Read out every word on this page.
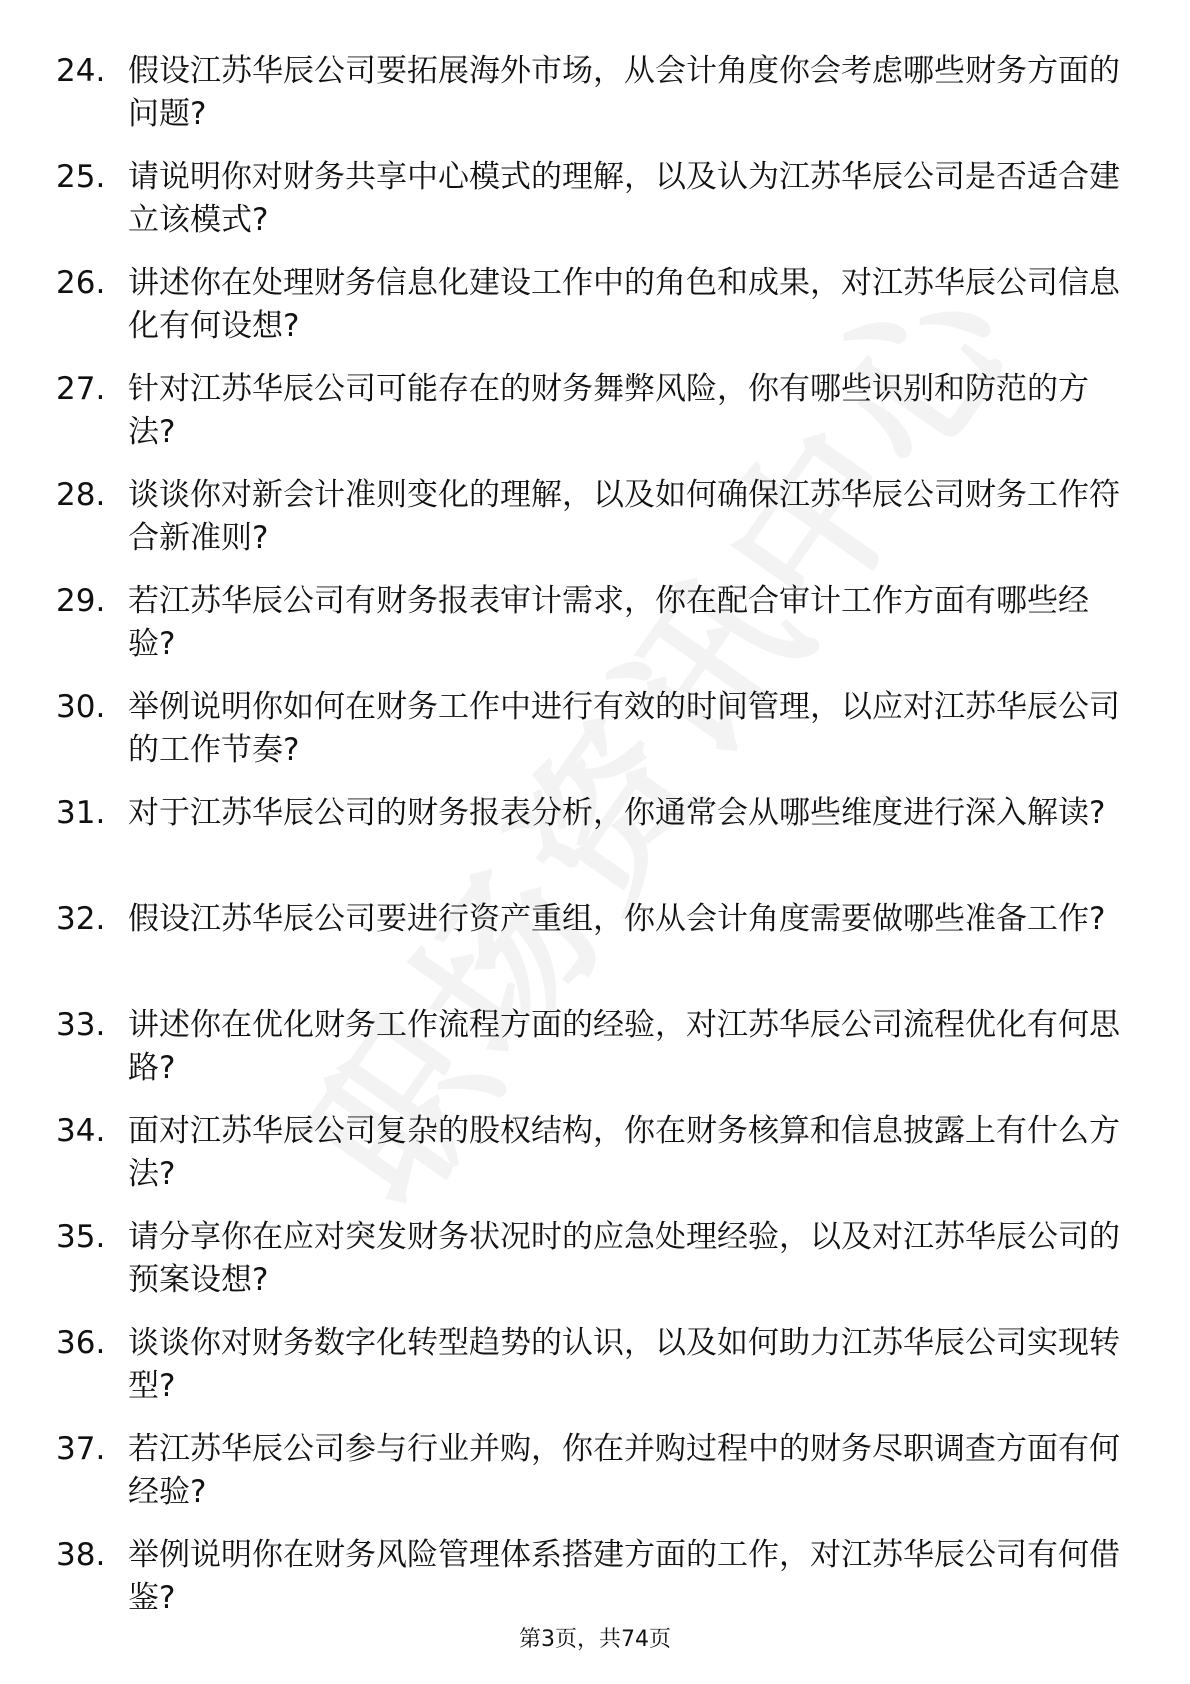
24. 假设江苏华辰公司要拓展海外市场，从会计角度你会考虑哪些财务方面的问题?
25. 请说明你对财务共享中心模式的理解，以及认为江苏华辰公司是否适合建立该模式?
26. 讲述你在处理财务信息化建设工作中的角色和成果，对江苏华辰公司信息化有何设想?
27. 针对江苏华辰公司可能存在的财务舞弊风险，你有哪些识别和防范的方法?
28. 谈谈你对新会计准则变化的理解，以及如何确保江苏华辰公司财务工作符合新准则?
29. 若江苏华辰公司有财务报表审计需求，你在配合审计工作方面有哪些经验?
30. 举例说明你如何在财务工作中进行有效的时间管理，以应对江苏华辰公司的工作节奏?
31. 对于江苏华辰公司的财务报表分析，你通常会从哪些维度进行深入解读?
32. 假设江苏华辰公司要进行资产重组，你从会计角度需要做哪些准备工作?
33. 讲述你在优化财务工作流程方面的经验，对江苏华辰公司流程优化有何思路?
34. 面对江苏华辰公司复杂的股权结构，你在财务核算和信息披露上有什么方法?
35. 请分享你在应对突发财务状况时的应急处理经验，以及对江苏华辰公司的预案设想?
36. 谈谈你对财务数字化转型趋势的认识，以及如何助力江苏华辰公司实现转型?
37. 若江苏华辰公司参与行业并购，你在并购过程中的财务尽职调查方面有何经验?
38. 举例说明你在财务风险管理体系搭建方面的工作，对江苏华辰公司有何借鉴?
第3页，共74页
